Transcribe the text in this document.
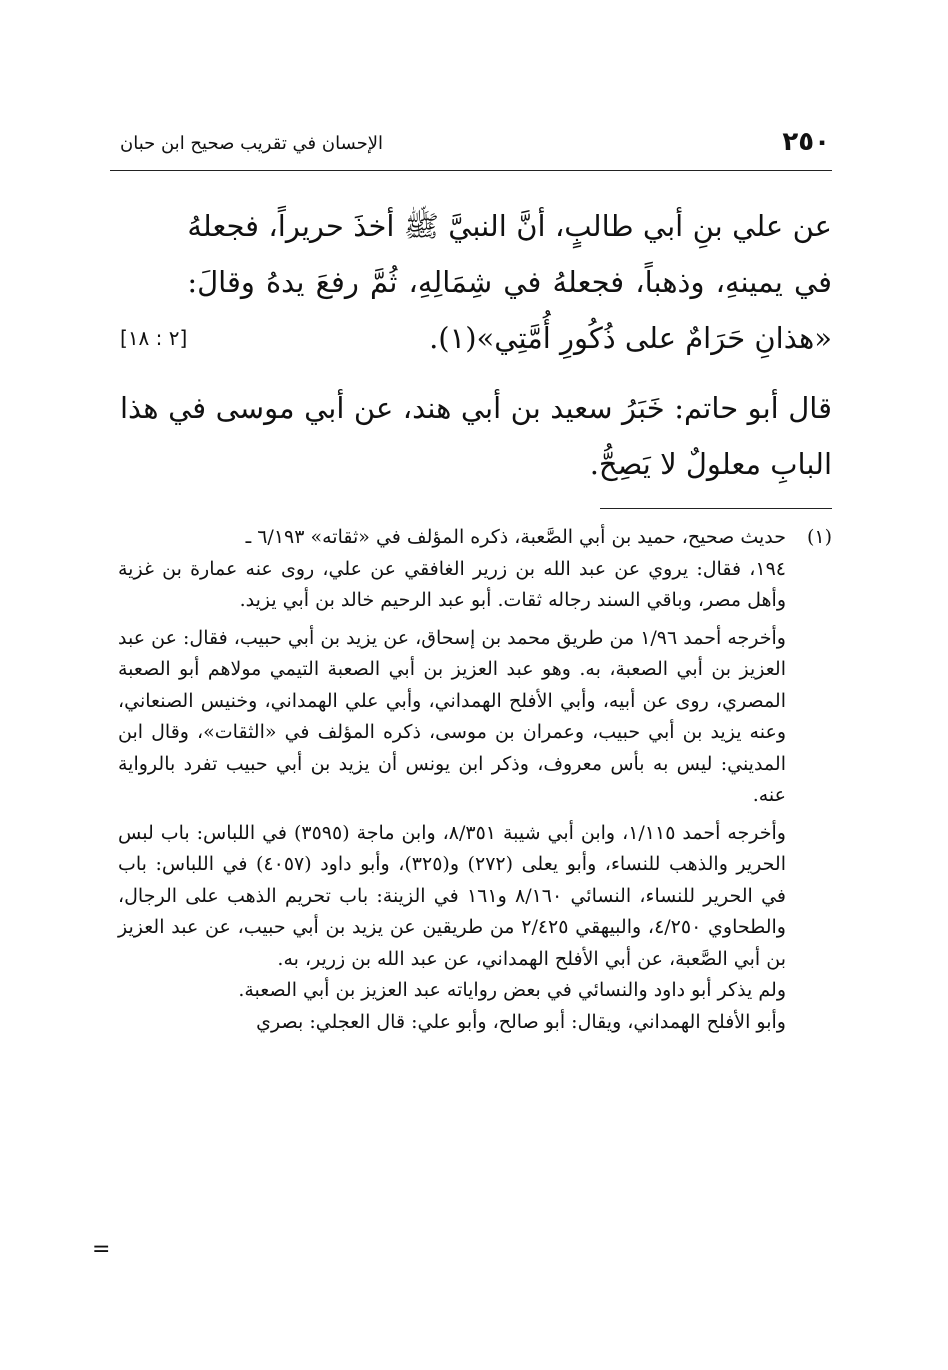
٢٥٠
الإحسان في تقريب صحيح ابن حبان

[٢ : ١٨]
عن علي بنِ أبي طالبٍ، أنَّ النبيَّ ﷺ أخذَ حريراً، فجعلهُ في يمينهِ، وذهباً، فجعلهُ في شِمَالِهِ، ثُمَّ رفعَ يدهُ وقالَ: «هذانِ حَرَامٌ على ذُكُورِ أُمَّتِي»(١).

قال أبو حاتم: خَبَرُ سعيد بن أبي هند، عن أبي موسى في هذا البابِ معلولٌ لا يَصِحُّ.

(١)
حديث صحيح، حميد بن أبي الصَّعبة، ذكره المؤلف في «ثقاته» ٦/١٩٣ ـ

١٩٤، فقال: يروي عن عبد الله بن زرير الغافقي عن علي، روى عنه عمارة بن غزية وأهل مصر، وباقي السند رجاله ثقات. أبو عبد الرحيم خالد بن أبي يزيد.

وأخرجه أحمد ١/٩٦ من طريق محمد بن إسحاق، عن يزيد بن أبي حبيب، فقال: عن عبد العزيز بن أبي الصعبة، به. وهو عبد العزيز بن أبي الصعبة التيمي مولاهم أبو الصعبة المصري، روى عن أبيه، وأبي الأفلح الهمداني، وأبي علي الهمداني، وخنيس الصنعاني، وعنه يزيد بن أبي حبيب، وعمران بن موسى، ذكره المؤلف في «الثقات»، وقال ابن المديني: ليس به بأس معروف، وذكر ابن يونس أن يزيد بن أبي حبيب تفرد بالرواية عنه.

وأخرجه أحمد ١/١١٥، وابن أبي شيبة ٨/٣٥١، وابن ماجة (٣٥٩٥) في اللباس: باب لبس الحرير والذهب للنساء، وأبو يعلى (٢٧٢) و(٣٢٥)، وأبو داود (٤٠٥٧) في اللباس: باب في الحرير للنساء، النسائي ٨/١٦٠ و١٦١ في الزينة: باب تحريم الذهب على الرجال، والطحاوي ٤/٢٥٠، والبيهقي ٢/٤٢٥ من طريقين عن يزيد بن أبي حبيب، عن عبد العزيز بن أبي الصَّعبة، عن أبي الأفلح الهمداني، عن عبد الله بن زرير، به.

ولم يذكر أبو داود والنسائي في بعض رواياته عبد العزيز بن أبي الصعبة.

وأبو الأفلح الهمداني، ويقال: أبو صالح، وأبو علي: قال العجلي: بصري

=
